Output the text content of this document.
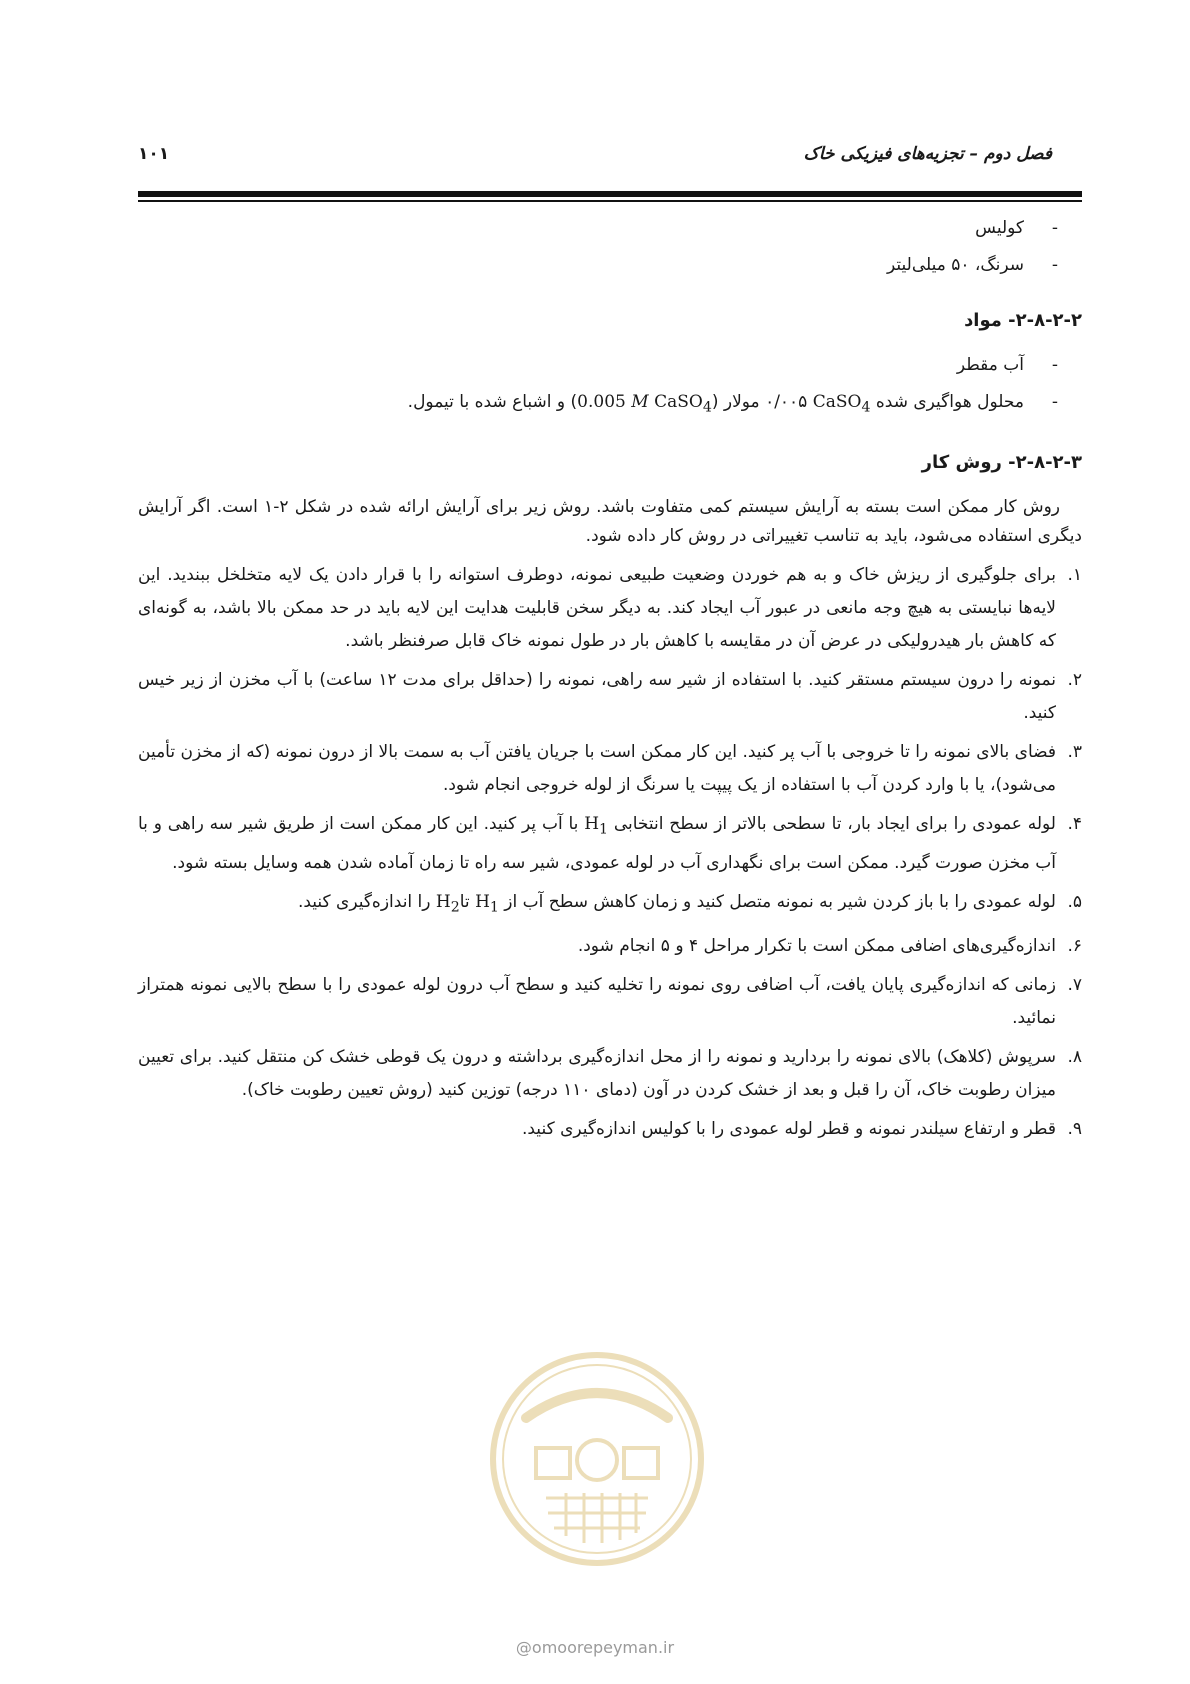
فصل دوم – تجزیه‌های فیزیکی خاک
۱۰۱
-
کولیس
-
سرنگ، ۵۰ میلی‌لیتر
۲-۸-۲-۲- مواد
-
آب مقطر
-
محلول هواگیری شده CaSO$_4$ ۰/۰۰۵ مولار (0.005 M CaSO$_4$) و اشباع شده با تیمول.
۲-۸-۲-۳- روش کار

روش کار ممکن است بسته به آرایش سیستم کمی متفاوت باشد. روش زیر برای آرایش ارائه شده در شکل ۲-۱ است. اگر آرایش دیگری استفاده می‌شود، باید به تناسب تغییراتی در روش کار داده شود.

۱.
برای جلوگیری از ریزش خاک و به هم خوردن وضعیت طبیعی نمونه، دوطرف استوانه را با قرار دادن یک لایه متخلخل ببندید. این لایه‌ها نبایستی به هیچ وجه مانعی در عبور آب ایجاد کند. به دیگر سخن قابلیت هدایت این لایه باید در حد ممکن بالا باشد، به گونه‌ای که کاهش بار هیدرولیکی در عرض آن در مقایسه با کاهش بار در طول نمونه خاک قابل صرفنظر باشد.
۲.
نمونه را درون سیستم مستقر کنید. با استفاده از شیر سه راهی، نمونه را (حداقل برای مدت ۱۲ ساعت) با آب مخزن از زیر خیس کنید.
۳.
فضای بالای نمونه را تا خروجی با آب پر کنید. این کار ممکن است با جریان یافتن آب به سمت بالا از درون نمونه (که از مخزن تأمین می‌شود)، یا با وارد کردن آب با استفاده از یک پیپت یا سرنگ از لوله خروجی انجام شود.
۴.
لوله عمودی را برای ایجاد بار، تا سطحی بالاتر از سطح انتخابی $H_1$ با آب پر کنید. این کار ممکن است از طریق شیر سه راهی و با آب مخزن صورت گیرد. ممکن است برای نگهداری آب در لوله عمودی، شیر سه راه تا زمان آماده شدن همه وسایل بسته شود.
۵.
لوله عمودی را با باز کردن شیر به نمونه متصل کنید و زمان کاهش سطح آب از $H_1$ تاH$_2$ را اندازه‌گیری کنید.
۶.
اندازه‌گیری‌های اضافی ممکن است با تکرار مراحل ۴ و ۵ انجام شود.
۷.
زمانی که اندازه‌گیری پایان یافت، آب اضافی روی نمونه را تخلیه کنید و سطح آب درون لوله عمودی را با سطح بالایی نمونه همتراز نمائید.
۸.
سرپوش (کلاهک) بالای نمونه را بردارید و نمونه را از محل اندازه‌گیری برداشته و درون یک قوطی خشک کن منتقل کنید. برای تعیین میزان رطوبت خاک، آن را قبل و بعد از خشک کردن در آون (دمای ۱۱۰ درجه) توزین کنید (روش تعیین رطوبت خاک).
۹.
قطر و ارتفاع سیلندر نمونه و قطر لوله عمودی را با کولیس اندازه‌گیری کنید.
@omoorepeyman.ir
